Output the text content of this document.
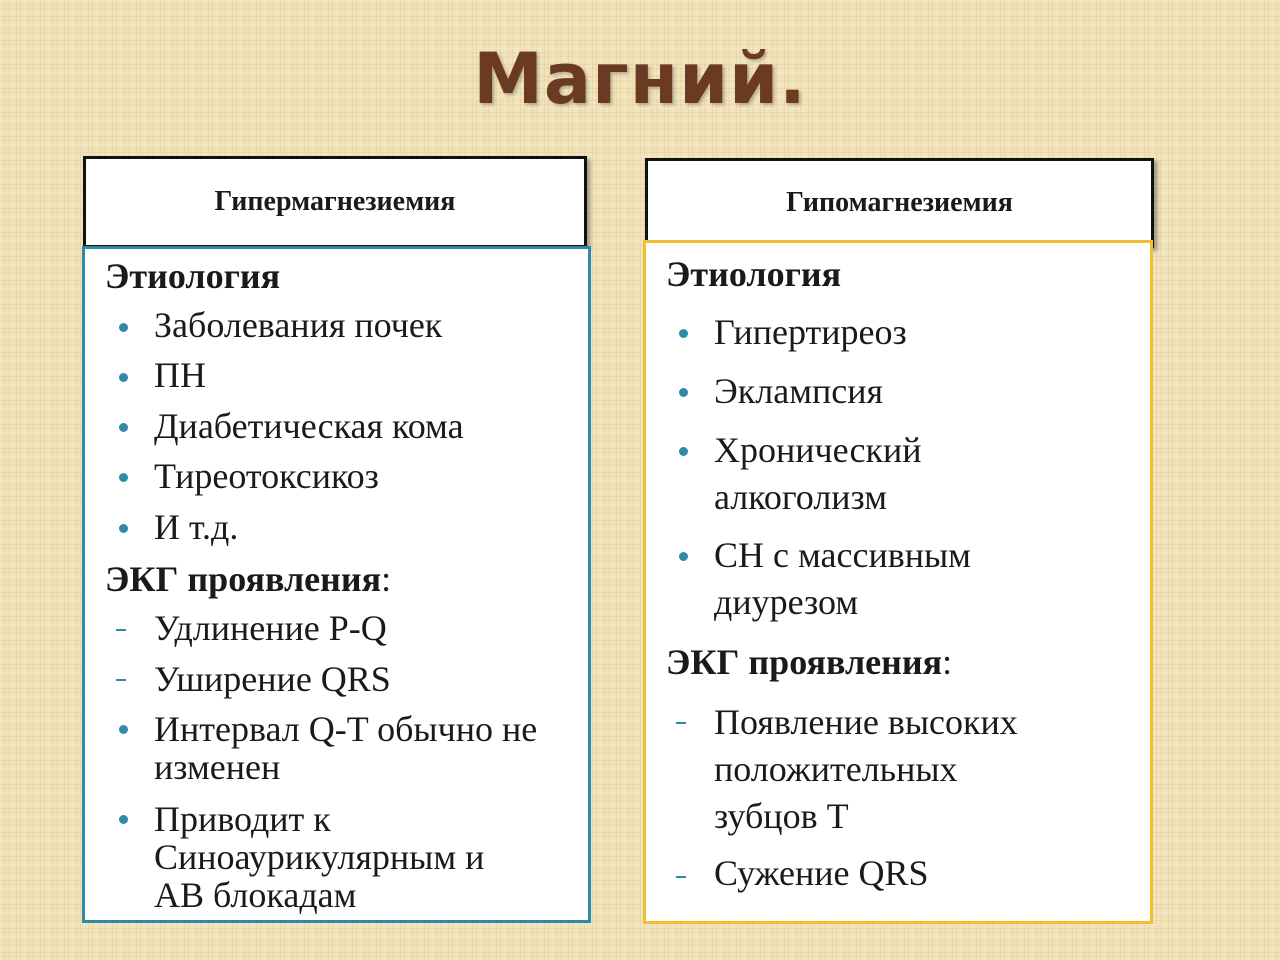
Магний.
Гипермагнезиемия
Этиология
Заболевания почек
ПН
Диабетическая кома
Тиреотоксикоз
И т.д.
ЭКГ проявления:
Удлинение P-Q
Уширение QRS
Интервал Q-T обычно не
изменен
Приводит к
Синоаурикулярным и
АВ блокадам
Гипомагнезиемия
Этиология
Гипертиреоз
Эклампсия
Хронический
алкоголизм
СН с массивным
диурезом
ЭКГ проявления:
Появление высоких
положительных
зубцов Т
Сужение QRS
